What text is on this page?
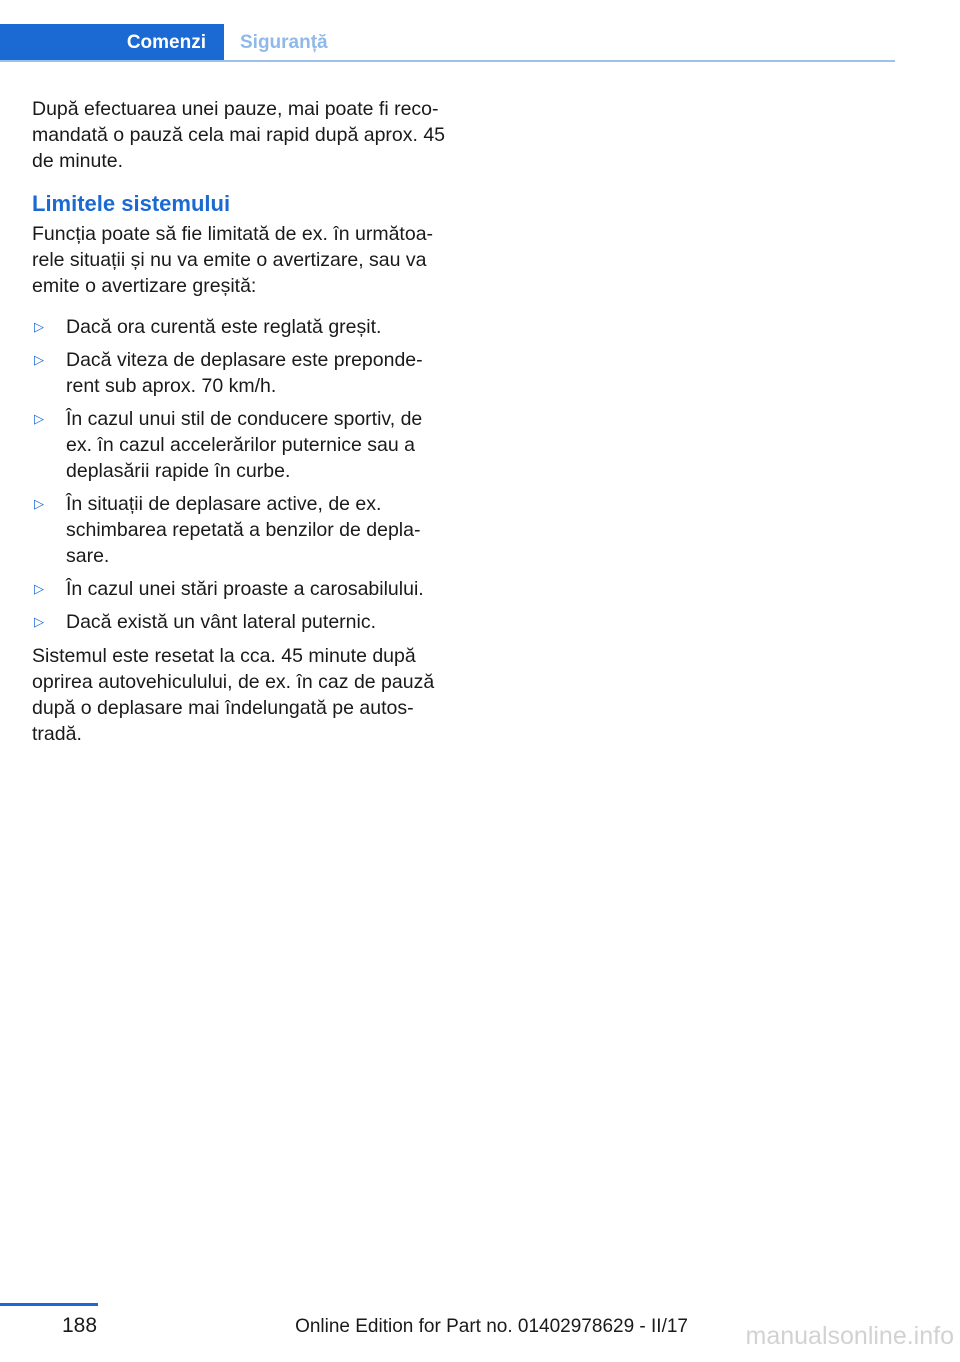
Comenzi Siguranță

După efectuarea unei pauze, mai poate fi recomandată o pauză cela mai rapid după aprox. 45 de minute.

Limitele sistemului

Funcția poate să fie limitată de ex. în următoarele situații și nu va emite o avertizare, sau va emite o avertizare greșită:

▷ Dacă ora curentă este reglată greșit.
▷ Dacă viteza de deplasare este preponderent sub aprox. 70 km/h.
▷ În cazul unui stil de conducere sportiv, de ex. în cazul accelerărilor puternice sau a deplasării rapide în curbe.
▷ În situații de deplasare active, de ex. schimbarea repetată a benzilor de deplasare.
▷ În cazul unei stări proaste a carosabilului.
▷ Dacă există un vânt lateral puternic.

Sistemul este resetat la cca. 45 minute după oprirea autovehiculului, de ex. în caz de pauză după o deplasare mai îndelungată pe autostradă.

188	Online Edition for Part no. 01402978629 - II/17 manualsonline.info
